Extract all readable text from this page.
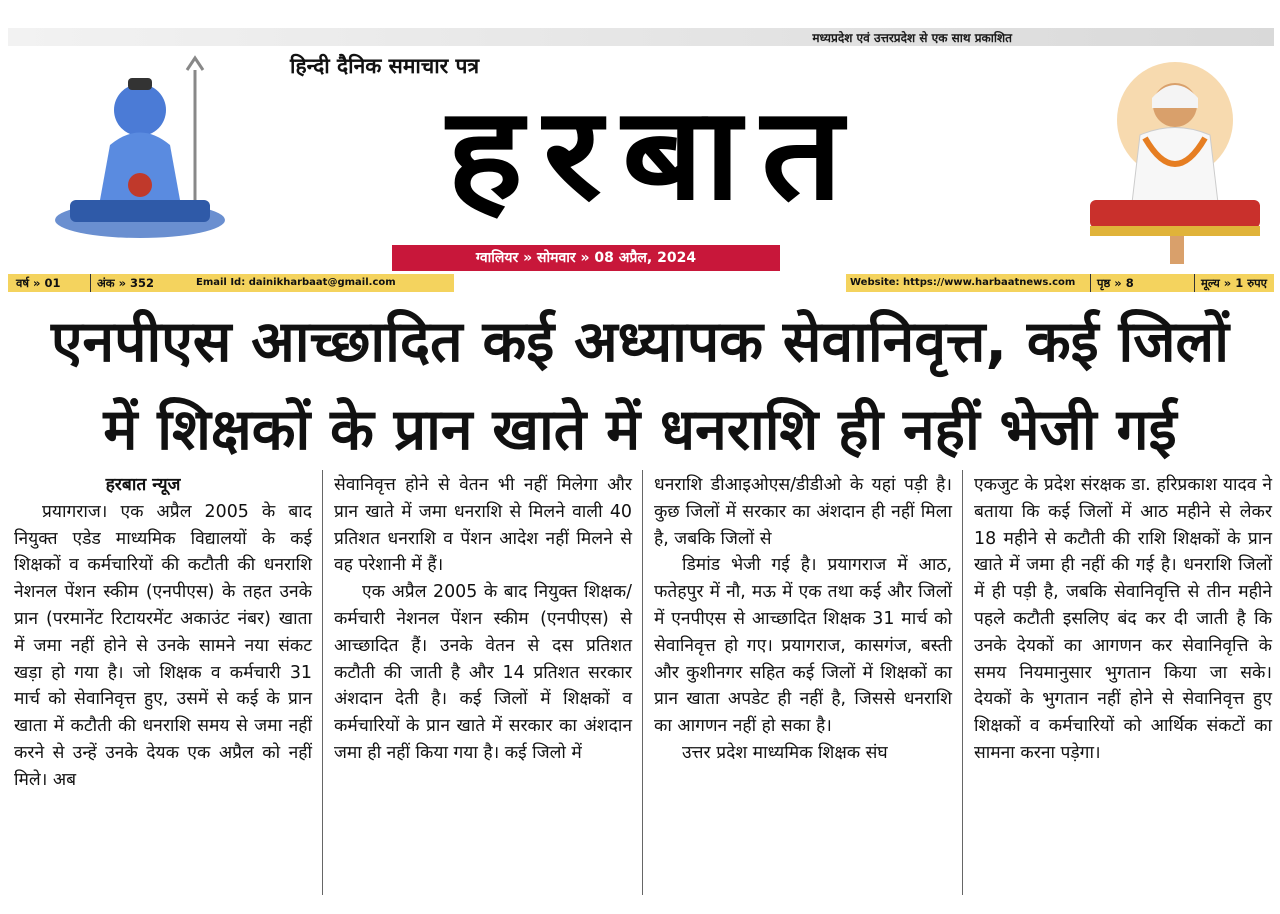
मध्यप्रदेश एवं उत्तरप्रदेश से एक साथ प्रकाशित
हिन्दी दैनिक समाचार पत्र
हरबात
ग्वालियर » सोमवार » 08 अप्रैल, 2024
वर्ष » 01	अंक » 352	Email Id: dainikharbaat@gmail.com	Website: https://www.harbaatnews.com	पृष्ठ » 8	मूल्य » 1 रुपए
एनपीएस आच्छादित कई अध्यापक सेवानिवृत्त, कई जिलों
में शिक्षकों के प्रान खाते में धनराशि ही नहीं भेजी गई

हरबात न्यूज

प्रयागराज। एक अप्रैल 2005 के बाद नियुक्त एडेड माध्यमिक विद्यालयों के कई शिक्षकों व कर्मचारियों की कटौती की धनराशि नेशनल पेंशन स्कीम (एनपीएस) के तहत उनके प्रान (परमानेंट रिटायरमेंट अकाउंट नंबर) खाता में जमा नहीं होने से उनके सामने नया संकट खड़ा हो गया है। जो शिक्षक व कर्मचारी 31 मार्च को सेवानिवृत्त हुए, उसमें से कई के प्रान खाता में कटौती की धनराशि समय से जमा नहीं करने से उन्हें उनके देयक एक अप्रैल को नहीं मिले। अब

सेवानिवृत्त होने से वेतन भी नहीं मिलेगा और प्रान खाते में जमा धनराशि से मिलने वाली 40 प्रतिशत धनराशि व पेंशन आदेश नहीं मिलने से वह परेशानी में हैं।

एक अप्रैल 2005 के बाद नियुक्त शिक्षक/कर्मचारी नेशनल पेंशन स्कीम (एनपीएस) से आच्छादित हैं। उनके वेतन से दस प्रतिशत कटौती की जाती है और 14 प्रतिशत सरकार अंशदान देती है। कई जिलों में शिक्षकों व कर्मचारियों के प्रान खाते में सरकार का अंशदान जमा ही नहीं किया गया है। कई जिलो में

धनराशि डीआइओएस/डीडीओ के यहां पड़ी है। कुछ जिलों में सरकार का अंशदान ही नहीं मिला है, जबकि जिलों से

डिमांड भेजी गई है। प्रयागराज में आठ, फतेहपुर में नौ, मऊ में एक तथा कई और जिलों में एनपीएस से आच्छादित शिक्षक 31 मार्च को सेवानिवृत्त हो गए। प्रयागराज, कासगंज, बस्ती और कुशीनगर सहित कई जिलों में शिक्षकों का प्रान खाता अपडेट ही नहीं है, जिससे धनराशि का आगणन नहीं हो सका है।

उत्तर प्रदेश माध्यमिक शिक्षक संघ

एकजुट के प्रदेश संरक्षक डा. हरिप्रकाश यादव ने बताया कि कई जिलों में आठ महीने से लेकर 18 महीने से कटौती की राशि शिक्षकों के प्रान खाते में जमा ही नहीं की गई है। धनराशि जिलों में ही पड़ी है, जबकि सेवानिवृत्ति से तीन महीने पहले कटौती इसलिए बंद कर दी जाती है कि उनके देयकों का आगणन कर सेवानिवृत्ति के समय नियमानुसार भुगतान किया जा सके। देयकों के भुगतान नहीं होने से सेवानिवृत्त हुए शिक्षकों व कर्मचारियों को आर्थिक संकटों का सामना करना पड़ेगा।
